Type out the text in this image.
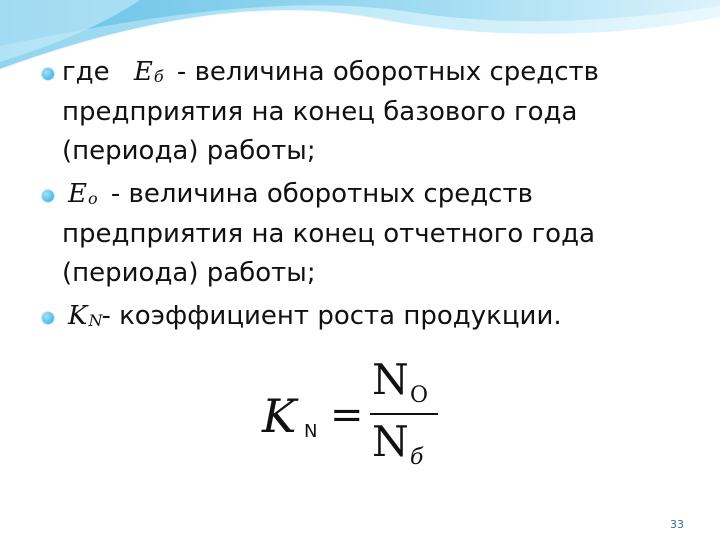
где Eб - величина оборотных средств
предприятия на конец базового года
(периода) работы;
Eo - величина оборотных средств
предприятия на конец отчетного года
(периода) работы;
KN- коэффициент роста продукции.
K N =
N O
N б
33
